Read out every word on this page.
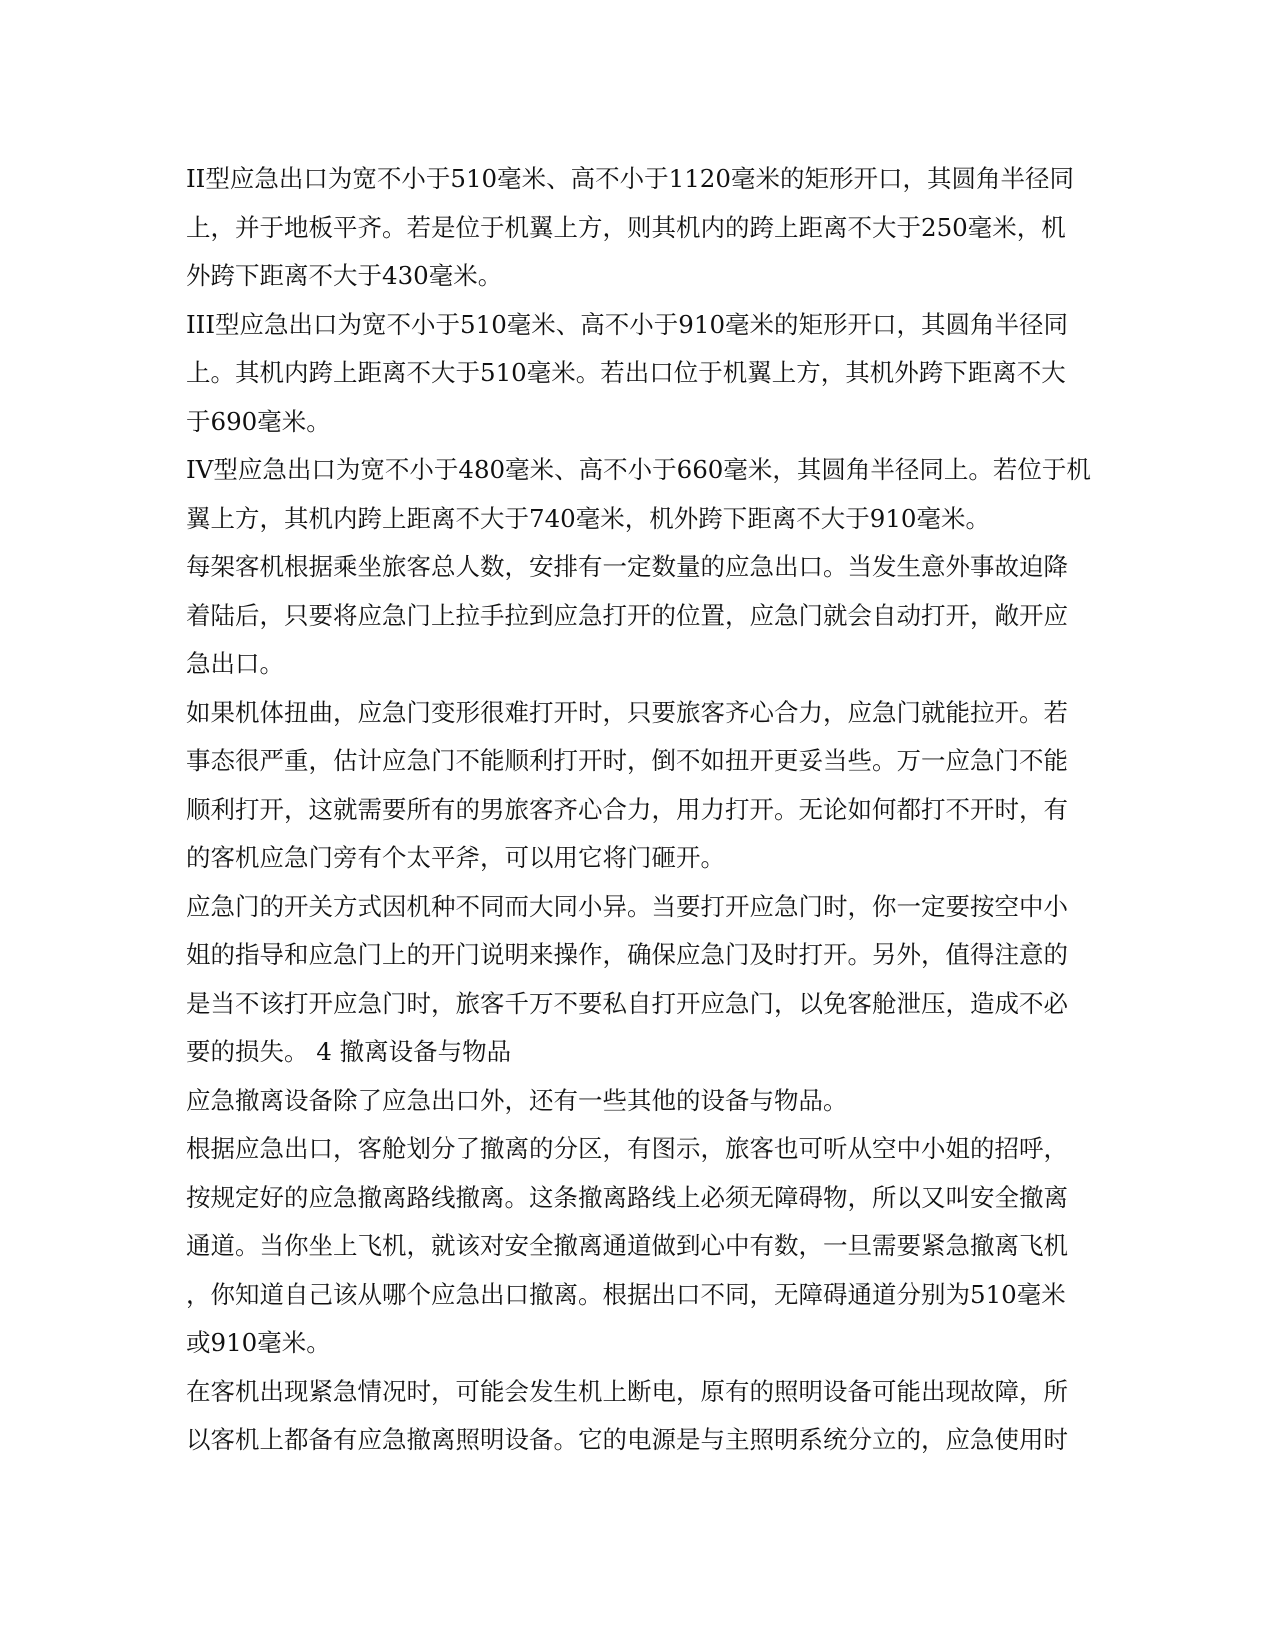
II型应急出口为宽不小于510毫米、高不小于1120毫米的矩形开口，其圆角半径同
上，并于地板平齐。若是位于机翼上方，则其机内的跨上距离不大于250毫米，机
外跨下距离不大于430毫米。
III型应急出口为宽不小于510毫米、高不小于910毫米的矩形开口，其圆角半径同
上。其机内跨上距离不大于510毫米。若出口位于机翼上方，其机外跨下距离不大
于690毫米。
IV型应急出口为宽不小于480毫米、高不小于660毫米，其圆角半径同上。若位于机
翼上方，其机内跨上距离不大于740毫米，机外跨下距离不大于910毫米。
每架客机根据乘坐旅客总人数，安排有一定数量的应急出口。当发生意外事故迫降
着陆后，只要将应急门上拉手拉到应急打开的位置，应急门就会自动打开，敞开应
急出口。
如果机体扭曲，应急门变形很难打开时，只要旅客齐心合力，应急门就能拉开。若
事态很严重，估计应急门不能顺利打开时，倒不如扭开更妥当些。万一应急门不能
顺利打开，这就需要所有的男旅客齐心合力，用力打开。无论如何都打不开时，有
的客机应急门旁有个太平斧，可以用它将门砸开。
应急门的开关方式因机种不同而大同小异。当要打开应急门时，你一定要按空中小
姐的指导和应急门上的开门说明来操作，确保应急门及时打开。另外，值得注意的
是当不该打开应急门时，旅客千万不要私自打开应急门，以免客舱泄压，造成不必
要的损失。 4 撤离设备与物品
应急撤离设备除了应急出口外，还有一些其他的设备与物品。
根据应急出口，客舱划分了撤离的分区，有图示，旅客也可听从空中小姐的招呼，
按规定好的应急撤离路线撤离。这条撤离路线上必须无障碍物，所以又叫安全撤离
通道。当你坐上飞机，就该对安全撤离通道做到心中有数，一旦需要紧急撤离飞机
，你知道自己该从哪个应急出口撤离。根据出口不同，无障碍通道分别为510毫米
或910毫米。
在客机出现紧急情况时，可能会发生机上断电，原有的照明设备可能出现故障，所
以客机上都备有应急撤离照明设备。它的电源是与主照明系统分立的，应急使用时
